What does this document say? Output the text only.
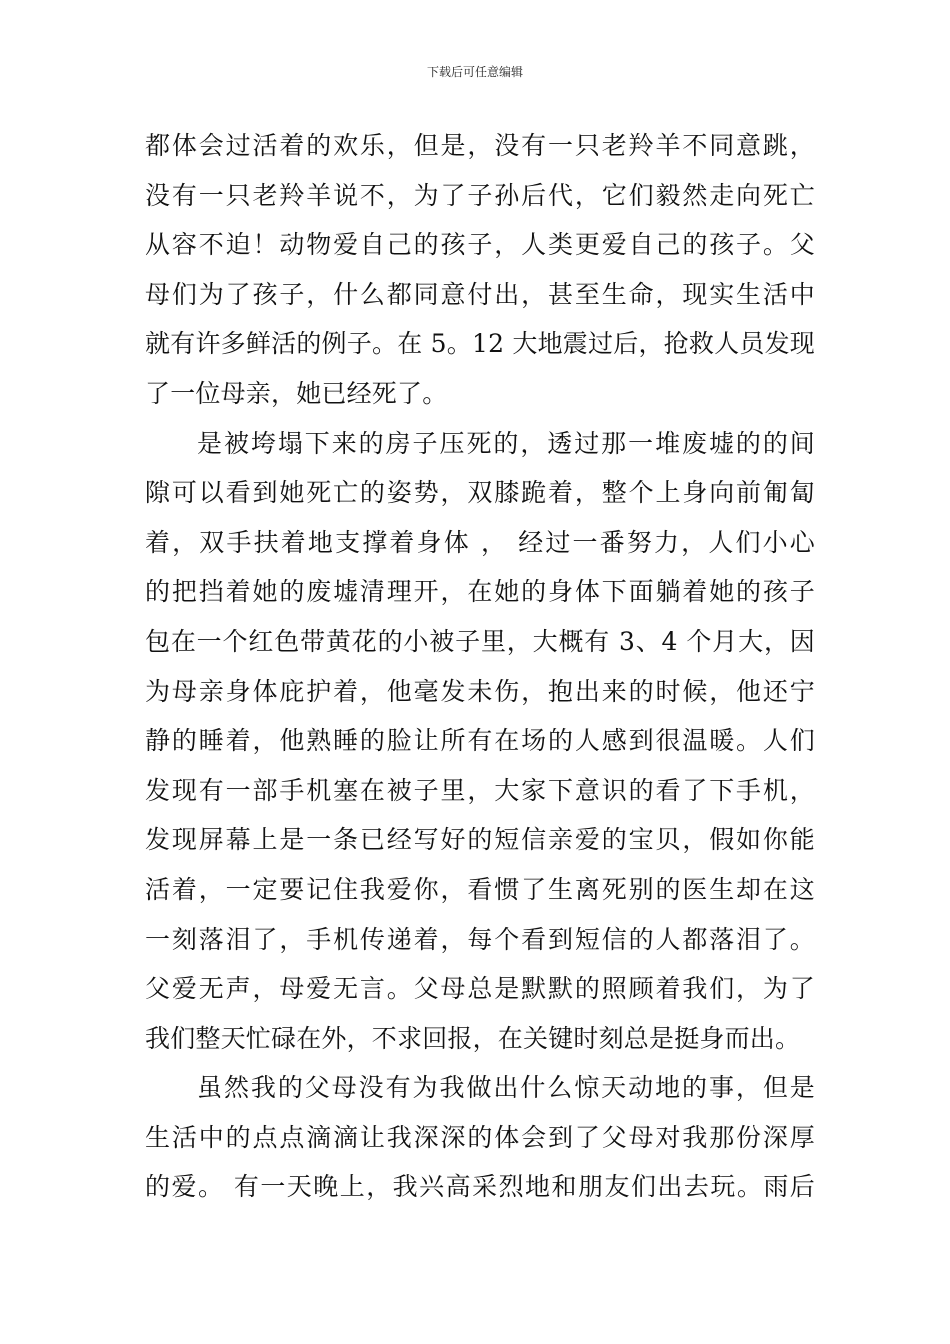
下载后可任意编辑
都体会过活着的欢乐，但是，没有一只老羚羊不同意跳，
没有一只老羚羊说不，为了子孙后代，它们毅然走向死亡
从容不迫！动物爱自己的孩子，人类更爱自己的孩子。父
母们为了孩子，什么都同意付出，甚至生命，现实生活中
就有许多鲜活的例子。在 5。12 大地震过后，抢救人员发现
了一位母亲，她已经死了。
是被垮塌下来的房子压死的，透过那一堆废墟的的间
隙可以看到她死亡的姿势，双膝跪着，整个上身向前匍匐
着，双手扶着地支撑着身体 ， 经过一番努力，人们小心
的把挡着她的废墟清理开，在她的身体下面躺着她的孩子
包在一个红色带黄花的小被子里，大概有 3、4 个月大，因
为母亲身体庇护着，他毫发未伤，抱出来的时候，他还宁
静的睡着，他熟睡的脸让所有在场的人感到很温暖。人们
发现有一部手机塞在被子里，大家下意识的看了下手机，
发现屏幕上是一条已经写好的短信亲爱的宝贝，假如你能
活着，一定要记住我爱你，看惯了生离死别的医生却在这
一刻落泪了，手机传递着，每个看到短信的人都落泪了。
父爱无声，母爱无言。父母总是默默的照顾着我们，为了
我们整天忙碌在外，不求回报，在关键时刻总是挺身而出。
虽然我的父母没有为我做出什么惊天动地的事，但是
生活中的点点滴滴让我深深的体会到了父母对我那份深厚
的爱。 有一天晚上，我兴高采烈地和朋友们出去玩。雨后
